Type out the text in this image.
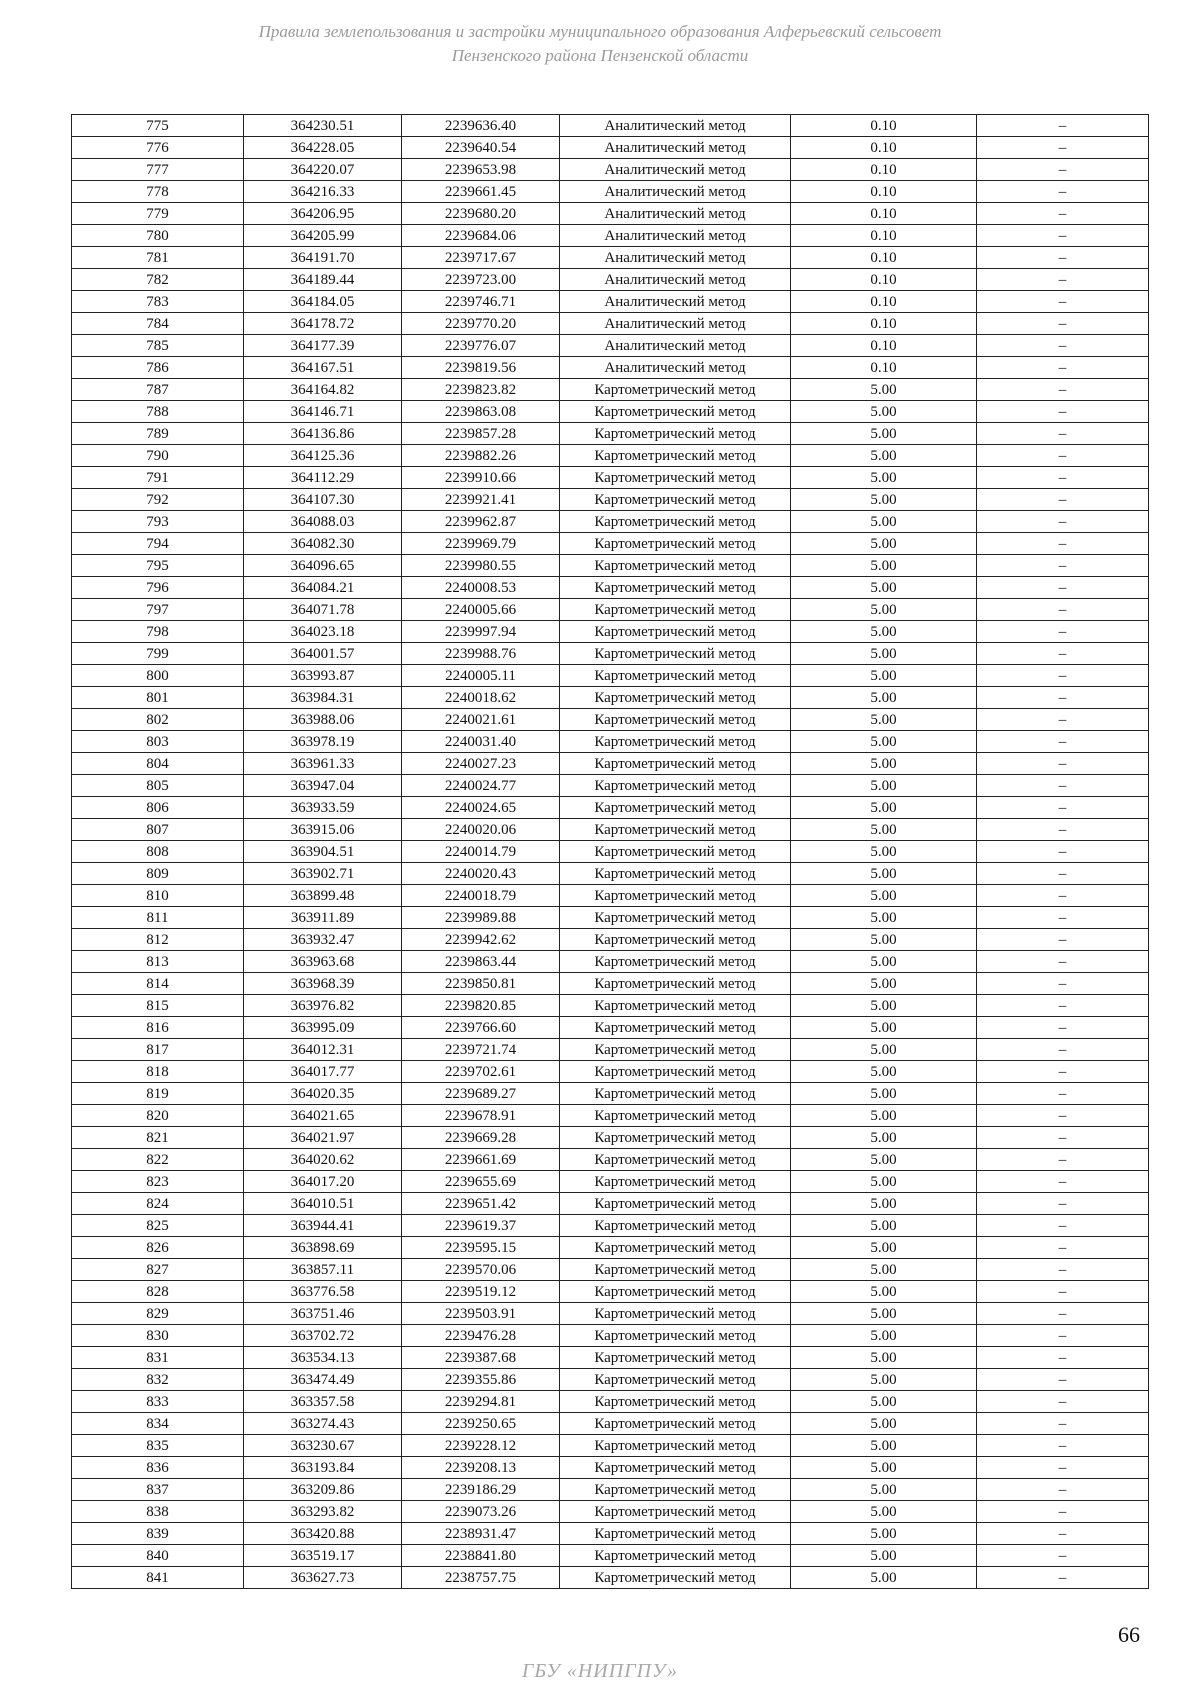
Правила землепользования и застройки муниципального образования Алферьевский сельсовет
Пензенского района Пензенской области
775	364230.51	2239636.40	Аналитический метод	0.10	–
776	364228.05	2239640.54	Аналитический метод	0.10	–
777	364220.07	2239653.98	Аналитический метод	0.10	–
778	364216.33	2239661.45	Аналитический метод	0.10	–
779	364206.95	2239680.20	Аналитический метод	0.10	–
780	364205.99	2239684.06	Аналитический метод	0.10	–
781	364191.70	2239717.67	Аналитический метод	0.10	–
782	364189.44	2239723.00	Аналитический метод	0.10	–
783	364184.05	2239746.71	Аналитический метод	0.10	–
784	364178.72	2239770.20	Аналитический метод	0.10	–
785	364177.39	2239776.07	Аналитический метод	0.10	–
786	364167.51	2239819.56	Аналитический метод	0.10	–
787	364164.82	2239823.82	Картометрический метод	5.00	–
788	364146.71	2239863.08	Картометрический метод	5.00	–
789	364136.86	2239857.28	Картометрический метод	5.00	–
790	364125.36	2239882.26	Картометрический метод	5.00	–
791	364112.29	2239910.66	Картометрический метод	5.00	–
792	364107.30	2239921.41	Картометрический метод	5.00	–
793	364088.03	2239962.87	Картометрический метод	5.00	–
794	364082.30	2239969.79	Картометрический метод	5.00	–
795	364096.65	2239980.55	Картометрический метод	5.00	–
796	364084.21	2240008.53	Картометрический метод	5.00	–
797	364071.78	2240005.66	Картометрический метод	5.00	–
798	364023.18	2239997.94	Картометрический метод	5.00	–
799	364001.57	2239988.76	Картометрический метод	5.00	–
800	363993.87	2240005.11	Картометрический метод	5.00	–
801	363984.31	2240018.62	Картометрический метод	5.00	–
802	363988.06	2240021.61	Картометрический метод	5.00	–
803	363978.19	2240031.40	Картометрический метод	5.00	–
804	363961.33	2240027.23	Картометрический метод	5.00	–
805	363947.04	2240024.77	Картометрический метод	5.00	–
806	363933.59	2240024.65	Картометрический метод	5.00	–
807	363915.06	2240020.06	Картометрический метод	5.00	–
808	363904.51	2240014.79	Картометрический метод	5.00	–
809	363902.71	2240020.43	Картометрический метод	5.00	–
810	363899.48	2240018.79	Картометрический метод	5.00	–
811	363911.89	2239989.88	Картометрический метод	5.00	–
812	363932.47	2239942.62	Картометрический метод	5.00	–
813	363963.68	2239863.44	Картометрический метод	5.00	–
814	363968.39	2239850.81	Картометрический метод	5.00	–
815	363976.82	2239820.85	Картометрический метод	5.00	–
816	363995.09	2239766.60	Картометрический метод	5.00	–
817	364012.31	2239721.74	Картометрический метод	5.00	–
818	364017.77	2239702.61	Картометрический метод	5.00	–
819	364020.35	2239689.27	Картометрический метод	5.00	–
820	364021.65	2239678.91	Картометрический метод	5.00	–
821	364021.97	2239669.28	Картометрический метод	5.00	–
822	364020.62	2239661.69	Картометрический метод	5.00	–
823	364017.20	2239655.69	Картометрический метод	5.00	–
824	364010.51	2239651.42	Картометрический метод	5.00	–
825	363944.41	2239619.37	Картометрический метод	5.00	–
826	363898.69	2239595.15	Картометрический метод	5.00	–
827	363857.11	2239570.06	Картометрический метод	5.00	–
828	363776.58	2239519.12	Картометрический метод	5.00	–
829	363751.46	2239503.91	Картометрический метод	5.00	–
830	363702.72	2239476.28	Картометрический метод	5.00	–
831	363534.13	2239387.68	Картометрический метод	5.00	–
832	363474.49	2239355.86	Картометрический метод	5.00	–
833	363357.58	2239294.81	Картометрический метод	5.00	–
834	363274.43	2239250.65	Картометрический метод	5.00	–
835	363230.67	2239228.12	Картометрический метод	5.00	–
836	363193.84	2239208.13	Картометрический метод	5.00	–
837	363209.86	2239186.29	Картометрический метод	5.00	–
838	363293.82	2239073.26	Картометрический метод	5.00	–
839	363420.88	2238931.47	Картометрический метод	5.00	–
840	363519.17	2238841.80	Картометрический метод	5.00	–
841	363627.73	2238757.75	Картометрический метод	5.00	–
66
ГБУ «НИПГПУ»
